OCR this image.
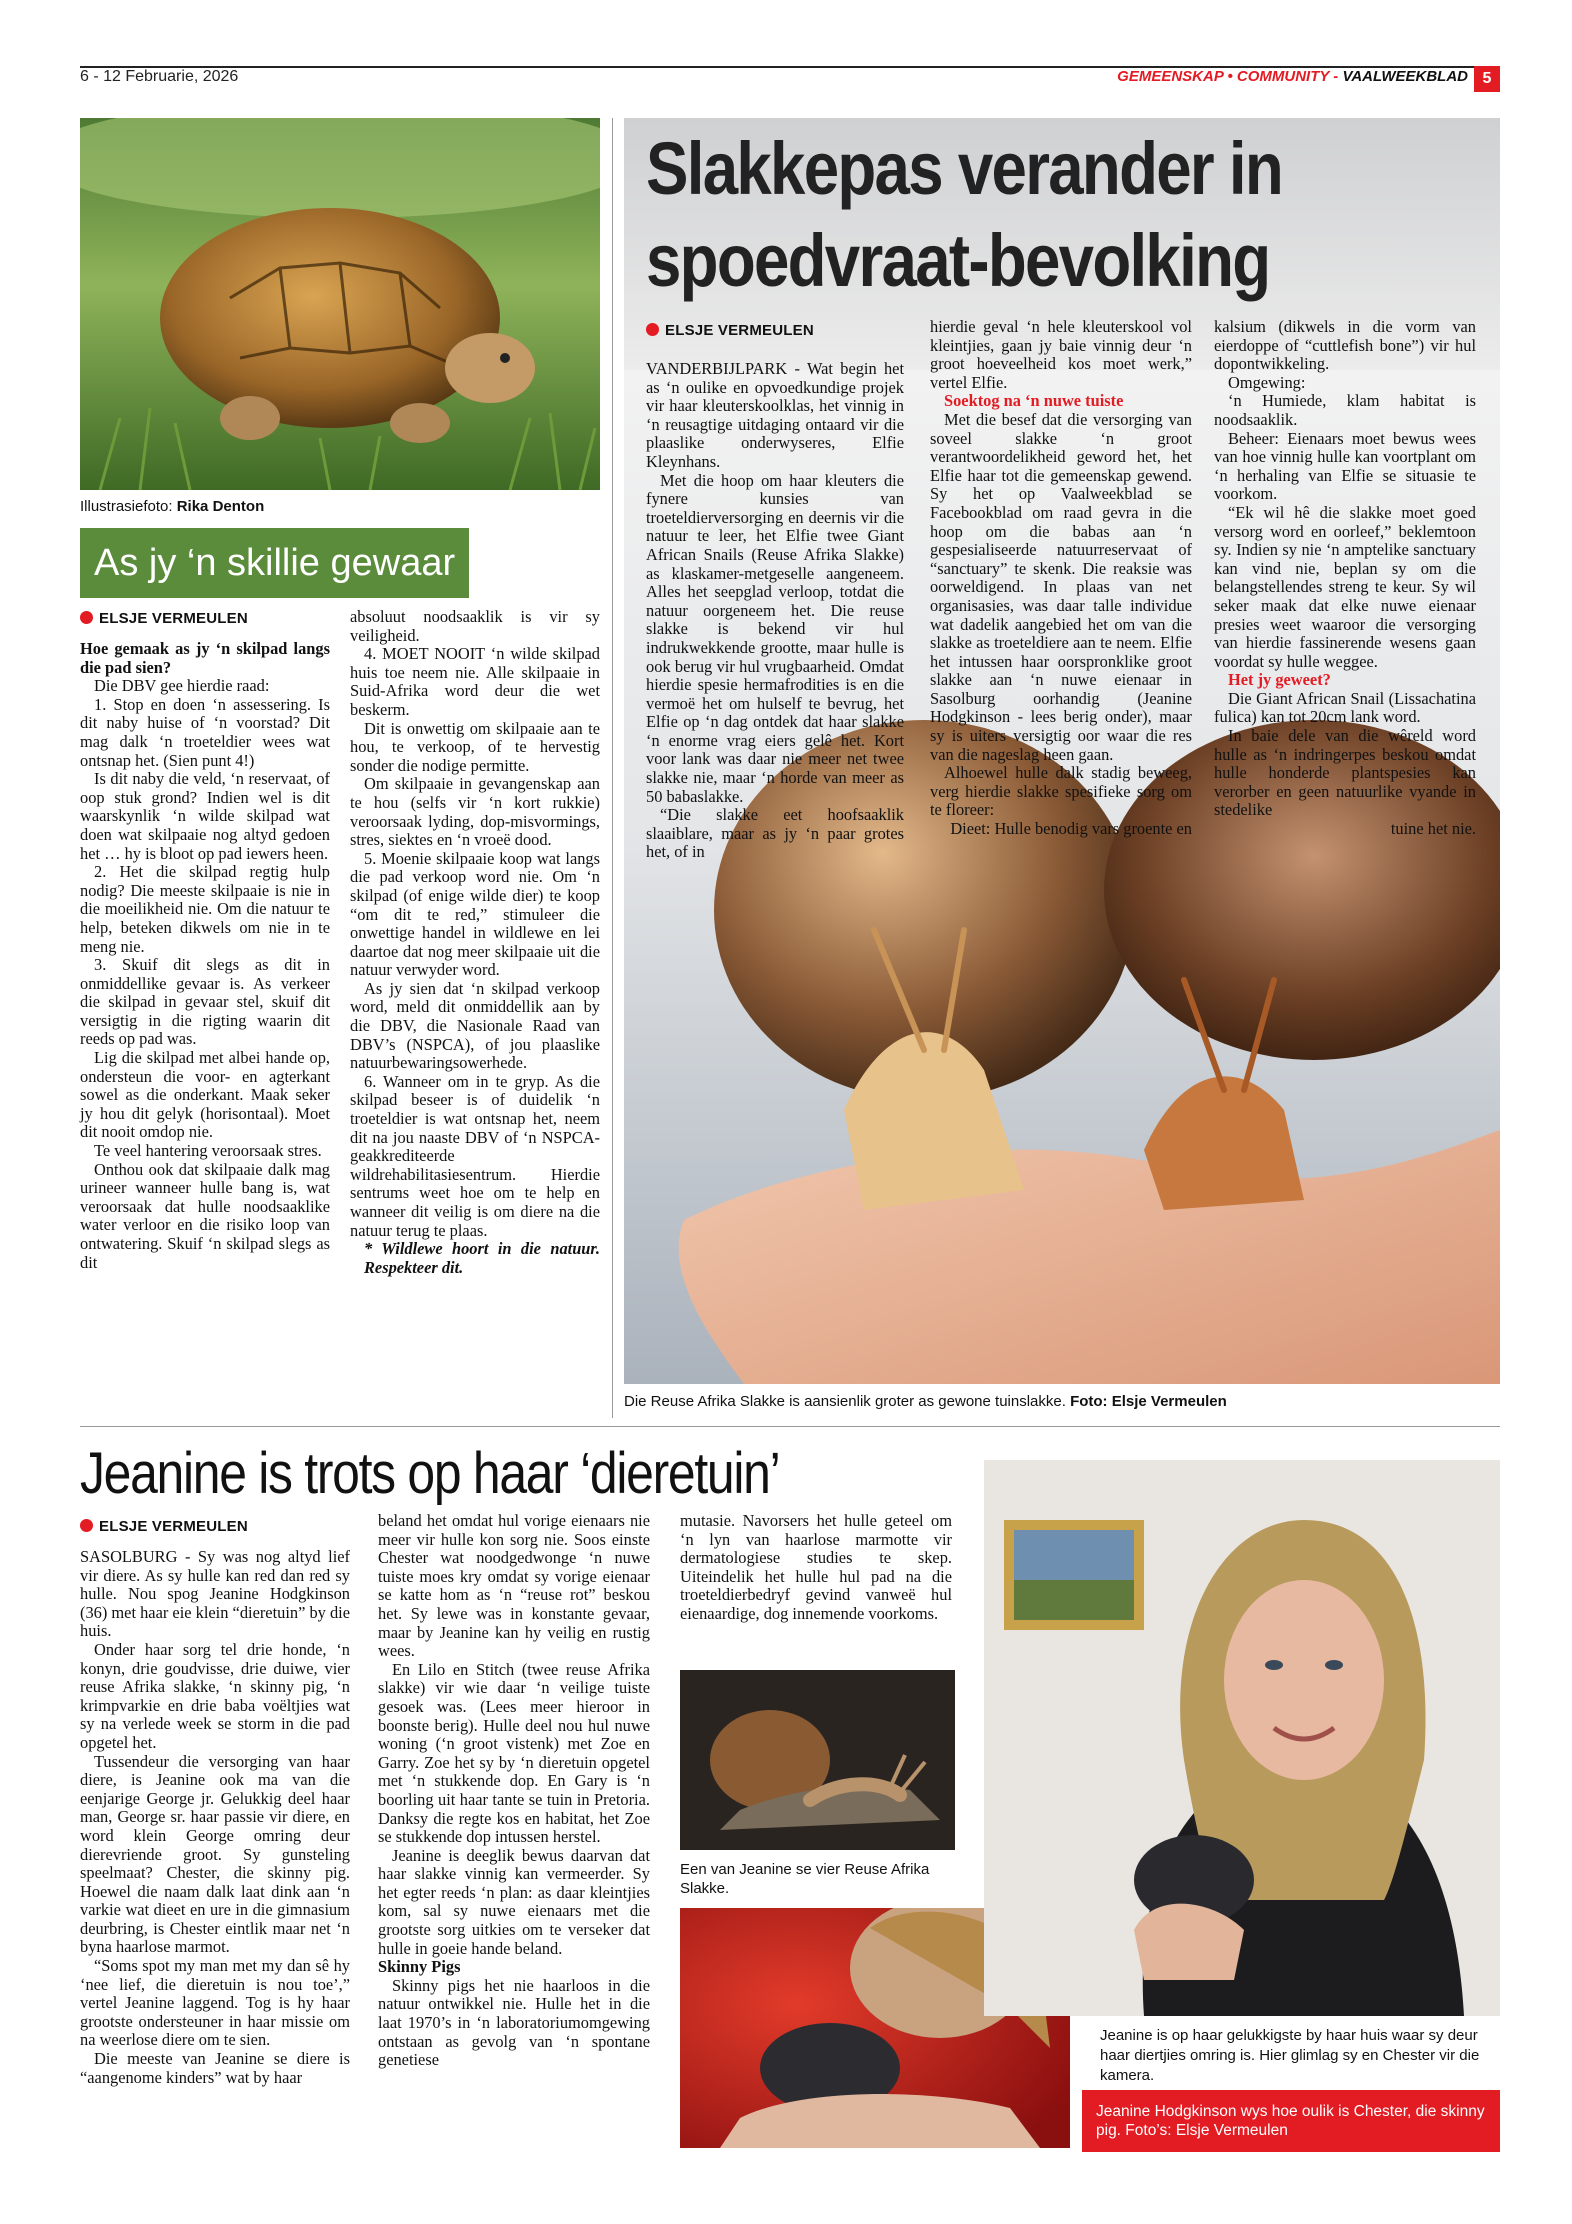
6 - 12 Februarie, 2026	GEMEENSKAP • COMMUNITY - VAALWEEKBLAD 5
Illustrasiefoto: Rika Denton
As jy ‘n skillie gewaar
ELSJE VERMEULEN

Hoe gemaak as jy ‘n skilpad langs die pad sien?

Die DBV gee hierdie raad:

1. Stop en doen ‘n assessering. Is dit naby huise of ‘n voorstad? Dit mag dalk ‘n troeteldier wees wat ontsnap het. (Sien punt 4!)

Is dit naby die veld, ‘n reservaat, of oop stuk grond? Indien wel is dit waarskynlik ‘n wilde skilpad wat doen wat skilpaaie nog altyd gedoen het … hy is bloot op pad iewers heen.

2. Het die skilpad regtig hulp nodig? Die meeste skilpaaie is nie in die moeilikheid nie. Om die natuur te help, beteken dikwels om nie in te meng nie.

3. Skuif dit slegs as dit in onmiddellike gevaar is. As verkeer die skilpad in gevaar stel, skuif dit versigtig in die rigting waarin dit reeds op pad was.

Lig die skilpad met albei hande op, ondersteun die voor- en agterkant sowel as die onderkant. Maak seker jy hou dit gelyk (horisontaal). Moet dit nooit omdop nie.

Te veel hantering veroorsaak stres.

Onthou ook dat skilpaaie dalk mag urineer wanneer hulle bang is, wat veroorsaak dat hulle noodsaaklike water verloor en die risiko loop van ontwatering. Skuif ‘n skilpad slegs as dit

absoluut noodsaaklik is vir sy veiligheid.

4. MOET NOOIT ‘n wilde skilpad huis toe neem nie. Alle skilpaaie in Suid-Afrika word deur die wet beskerm.

Dit is onwettig om skilpaaie aan te hou, te verkoop, of te hervestig sonder die nodige permitte.

Om skilpaaie in gevangenskap aan te hou (selfs vir ‘n kort rukkie) veroorsaak lyding, dop-misvormings, stres, siektes en ‘n vroeë dood.

5. Moenie skilpaaie koop wat langs die pad verkoop word nie. Om ‘n skilpad (of enige wilde dier) te koop “om dit te red,” stimuleer die onwettige handel in wildlewe en lei daartoe dat nog meer skilpaaie uit die natuur verwyder word.

As jy sien dat ‘n skilpad verkoop word, meld dit onmiddellik aan by die DBV, die Nasionale Raad van DBV’s (NSPCA), of jou plaaslike natuurbewaringsowerhede.

6. Wanneer om in te gryp. As die skilpad beseer is of duidelik ‘n troeteldier is wat ontsnap het, neem dit na jou naaste DBV of ‘n NSPCA-geakkrediteerde wildrehabilitasiesentrum. Hierdie sentrums weet hoe om te help en wanneer dit veilig is om diere na die natuur terug te plaas.

* Wildlewe hoort in die natuur. Respekteer dit.

Slakkepas verander in
spoedvraat-bevolking
ELSJE VERMEULEN

VANDERBIJLPARK - Wat begin het as ‘n oulike en opvoedkundige projek vir haar kleuterskoolklas, het vinnig in ‘n reusagtige uitdaging ontaard vir die plaaslike onderwyseres, Elfie Kleynhans.

Met die hoop om haar kleuters die fynere kunsies van troeteldierversorging en deernis vir die natuur te leer, het Elfie twee Giant African Snails (Reuse Afrika Slakke) as klaskamer-metgeselle aangeneem. Alles het seepglad verloop, totdat die natuur oorgeneem het. Die reuse slakke is bekend vir hul indrukwekkende grootte, maar hulle is ook berug vir hul vrugbaarheid. Omdat hierdie spesie hermafrodities is en die vermoë het om hulself te bevrug, het Elfie op ‘n dag ontdek dat haar slakke ‘n enorme vrag eiers gelê het. Kort voor lank was daar nie meer net twee slakke nie, maar ‘n horde van meer as 50 babaslakke.

“Die slakke eet hoofsaaklik slaaiblare, maar as jy ‘n paar grotes het, of in

hierdie geval ‘n hele kleuterskool vol kleintjies, gaan jy baie vinnig deur ‘n groot hoeveelheid kos moet werk,” vertel Elfie.

Soektog na ‘n nuwe tuiste

Met die besef dat die versorging van soveel slakke ‘n groot verantwoordelikheid geword het, het Elfie haar tot die gemeenskap gewend. Sy het op Vaalweekblad se Facebookblad om raad gevra in die hoop om die babas aan ‘n gespesialiseerde natuurreservaat of “sanctuary” te skenk. Die reaksie was oorweldigend. In plaas van net organisasies, was daar talle individue wat dadelik aangebied het om van die slakke as troeteldiere aan te neem. Elfie het intussen haar oorspronklike groot slakke aan ‘n nuwe eienaar in Sasolburg oorhandig (Jeanine Hodgkinson - lees berig onder), maar sy is uiters versigtig oor waar die res van die nageslag heen gaan.

Alhoewel hulle dalk stadig beweeg, verg hierdie slakke spesifieke sorg om te floreer:

Dieet: Hulle benodig vars groente en

kalsium (dikwels in die vorm van eierdoppe of “cuttlefish bone”) vir hul dopontwikkeling.

Omgewing:

‘n Humiede, klam habitat is noodsaaklik.

Beheer: Eienaars moet bewus wees van hoe vinnig hulle kan voortplant om ‘n herhaling van Elfie se situasie te voorkom.

“Ek wil hê die slakke moet goed versorg word en oorleef,” beklemtoon sy. Indien sy nie ‘n amptelike sanctuary kan vind nie, beplan sy om die belangstellendes streng te keur. Sy wil seker maak dat elke nuwe eienaar presies weet waaroor die versorging van hierdie fassinerende wesens gaan voordat sy hulle weggee.

Het jy geweet?

Die Giant African Snail (Lissachatina fulica) kan tot 20cm lank word.

In baie dele van die wêreld word hulle as ‘n indringerpes beskou omdat hulle honderde plantspesies kan verorber en geen natuurlike vyande in stedelike

tuine het nie.

Die Reuse Afrika Slakke is aansienlik groter as gewone tuinslakke. Foto: Elsje Vermeulen
Jeanine is trots op haar ‘dieretuin’
ELSJE VERMEULEN

SASOLBURG - Sy was nog altyd lief vir diere. As sy hulle kan red dan red sy hulle. Nou spog Jeanine Hodgkinson (36) met haar eie klein “dieretuin” by die huis.

Onder haar sorg tel drie honde, ‘n konyn, drie goudvisse, drie duiwe, vier reuse Afrika slakke, ‘n skinny pig, ‘n krimpvarkie en drie baba voëltjies wat sy na verlede week se storm in die pad opgetel het.

Tussendeur die versorging van haar diere, is Jeanine ook ma van die eenjarige George jr. Gelukkig deel haar man, George sr. haar passie vir diere, en word klein George omring deur dierevriende groot. Sy gunsteling speelmaat? Chester, die skinny pig. Hoewel die naam dalk laat dink aan ‘n varkie wat dieet en ure in die gimnasium deurbring, is Chester eintlik maar net ‘n byna haarlose marmot.

“Soms spot my man met my dan sê hy ‘nee lief, die dieretuin is nou toe’,” vertel Jeanine laggend. Tog is hy haar grootste ondersteuner in haar missie om na weerlose diere om te sien.

Die meeste van Jeanine se diere is “aangenome kinders” wat by haar

beland het omdat hul vorige eienaars nie meer vir hulle kon sorg nie. Soos einste Chester wat noodgedwonge ‘n nuwe tuiste moes kry omdat sy vorige eienaar se katte hom as ‘n “reuse rot” beskou het. Sy lewe was in konstante gevaar, maar by Jeanine kan hy veilig en rustig wees.

En Lilo en Stitch (twee reuse Afrika slakke) vir wie daar ‘n veilige tuiste gesoek was. (Lees meer hieroor in boonste berig). Hulle deel nou hul nuwe woning (‘n groot vistenk) met Zoe en Garry. Zoe het sy by ‘n dieretuin opgetel met ‘n stukkende dop. En Gary is ‘n boorling uit haar tante se tuin in Pretoria. Danksy die regte kos en habitat, het Zoe se stukkende dop intussen herstel.

Jeanine is deeglik bewus daarvan dat haar slakke vinnig kan vermeerder. Sy het egter reeds ‘n plan: as daar kleintjies kom, sal sy nuwe eienaars met die grootste sorg uitkies om te verseker dat hulle in goeie hande beland.

Skinny Pigs

Skinny pigs het nie haarloos in die natuur ontwikkel nie. Hulle het in die laat 1970’s in ‘n laboratoriumomgewing ontstaan as gevolg van ‘n spontane genetiese

mutasie. Navorsers het hulle geteel om ‘n lyn van haarlose marmotte vir dermatologiese studies te skep. Uiteindelik het hulle hul pad na die troeteldierbedryf gevind vanweë hul eienaardige, dog innemende voorkoms.

Een van Jeanine se vier Reuse Afrika Slakke.
Jeanine is op haar gelukkigste by haar huis waar sy deur haar diertjies omring is. Hier glimlag sy en Chester vir die kamera.
Jeanine Hodgkinson wys hoe oulik is Chester, die skinny pig. Foto’s: Elsje Vermeulen
